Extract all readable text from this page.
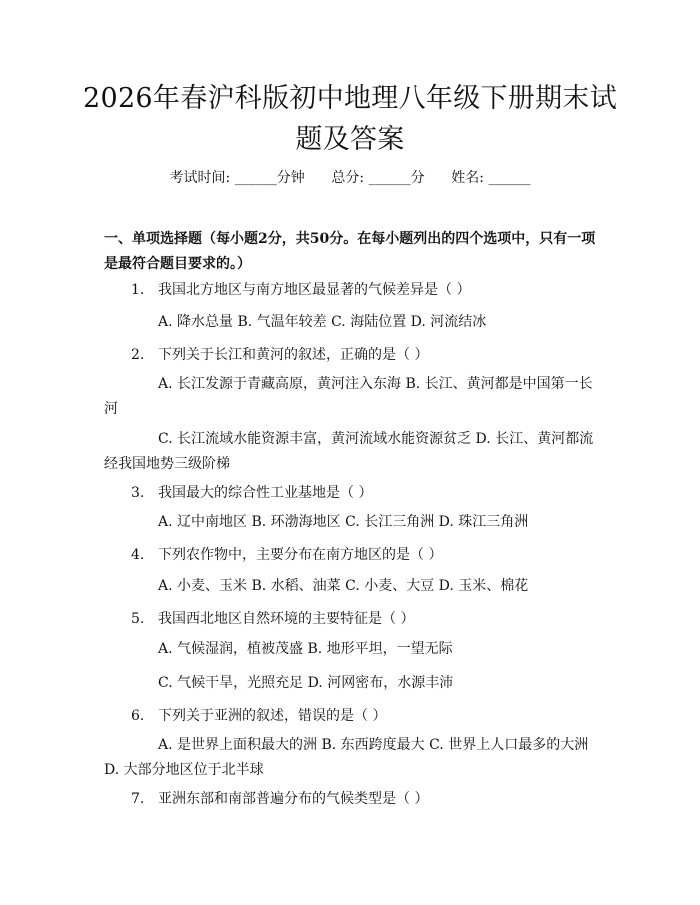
2026年春沪科版初中地理八年级下册期末试题及答案
考试时间: ______分钟 总分: ______分 姓名: ______
一、单项选择题（每小题2分，共50分。在每小题列出的四个选项中，只有一项是最符合题目要求的。）
1. 我国北方地区与南方地区最显著的气候差异是（ ）
A. 降水总量 B. 气温年较差 C. 海陆位置 D. 河流结冰
2. 下列关于长江和黄河的叙述，正确的是（ ）
A. 长江发源于青藏高原，黄河注入东海 B. 长江、黄河都是中国第一长河
C. 长江流域水能资源丰富，黄河流域水能资源贫乏 D. 长江、黄河都流经我国地势三级阶梯
3. 我国最大的综合性工业基地是（ ）
A. 辽中南地区 B. 环渤海地区 C. 长江三角洲 D. 珠江三角洲
4. 下列农作物中，主要分布在南方地区的是（ ）
A. 小麦、玉米 B. 水稻、油菜 C. 小麦、大豆 D. 玉米、棉花
5. 我国西北地区自然环境的主要特征是（ ）
A. 气候湿润，植被茂盛 B. 地形平坦，一望无际
C. 气候干旱，光照充足 D. 河网密布，水源丰沛
6. 下列关于亚洲的叙述，错误的是（ ）
A. 是世界上面积最大的洲 B. 东西跨度最大 C. 世界上人口最多的大洲 D. 大部分地区位于北半球
7. 亚洲东部和南部普遍分布的气候类型是（ ）
